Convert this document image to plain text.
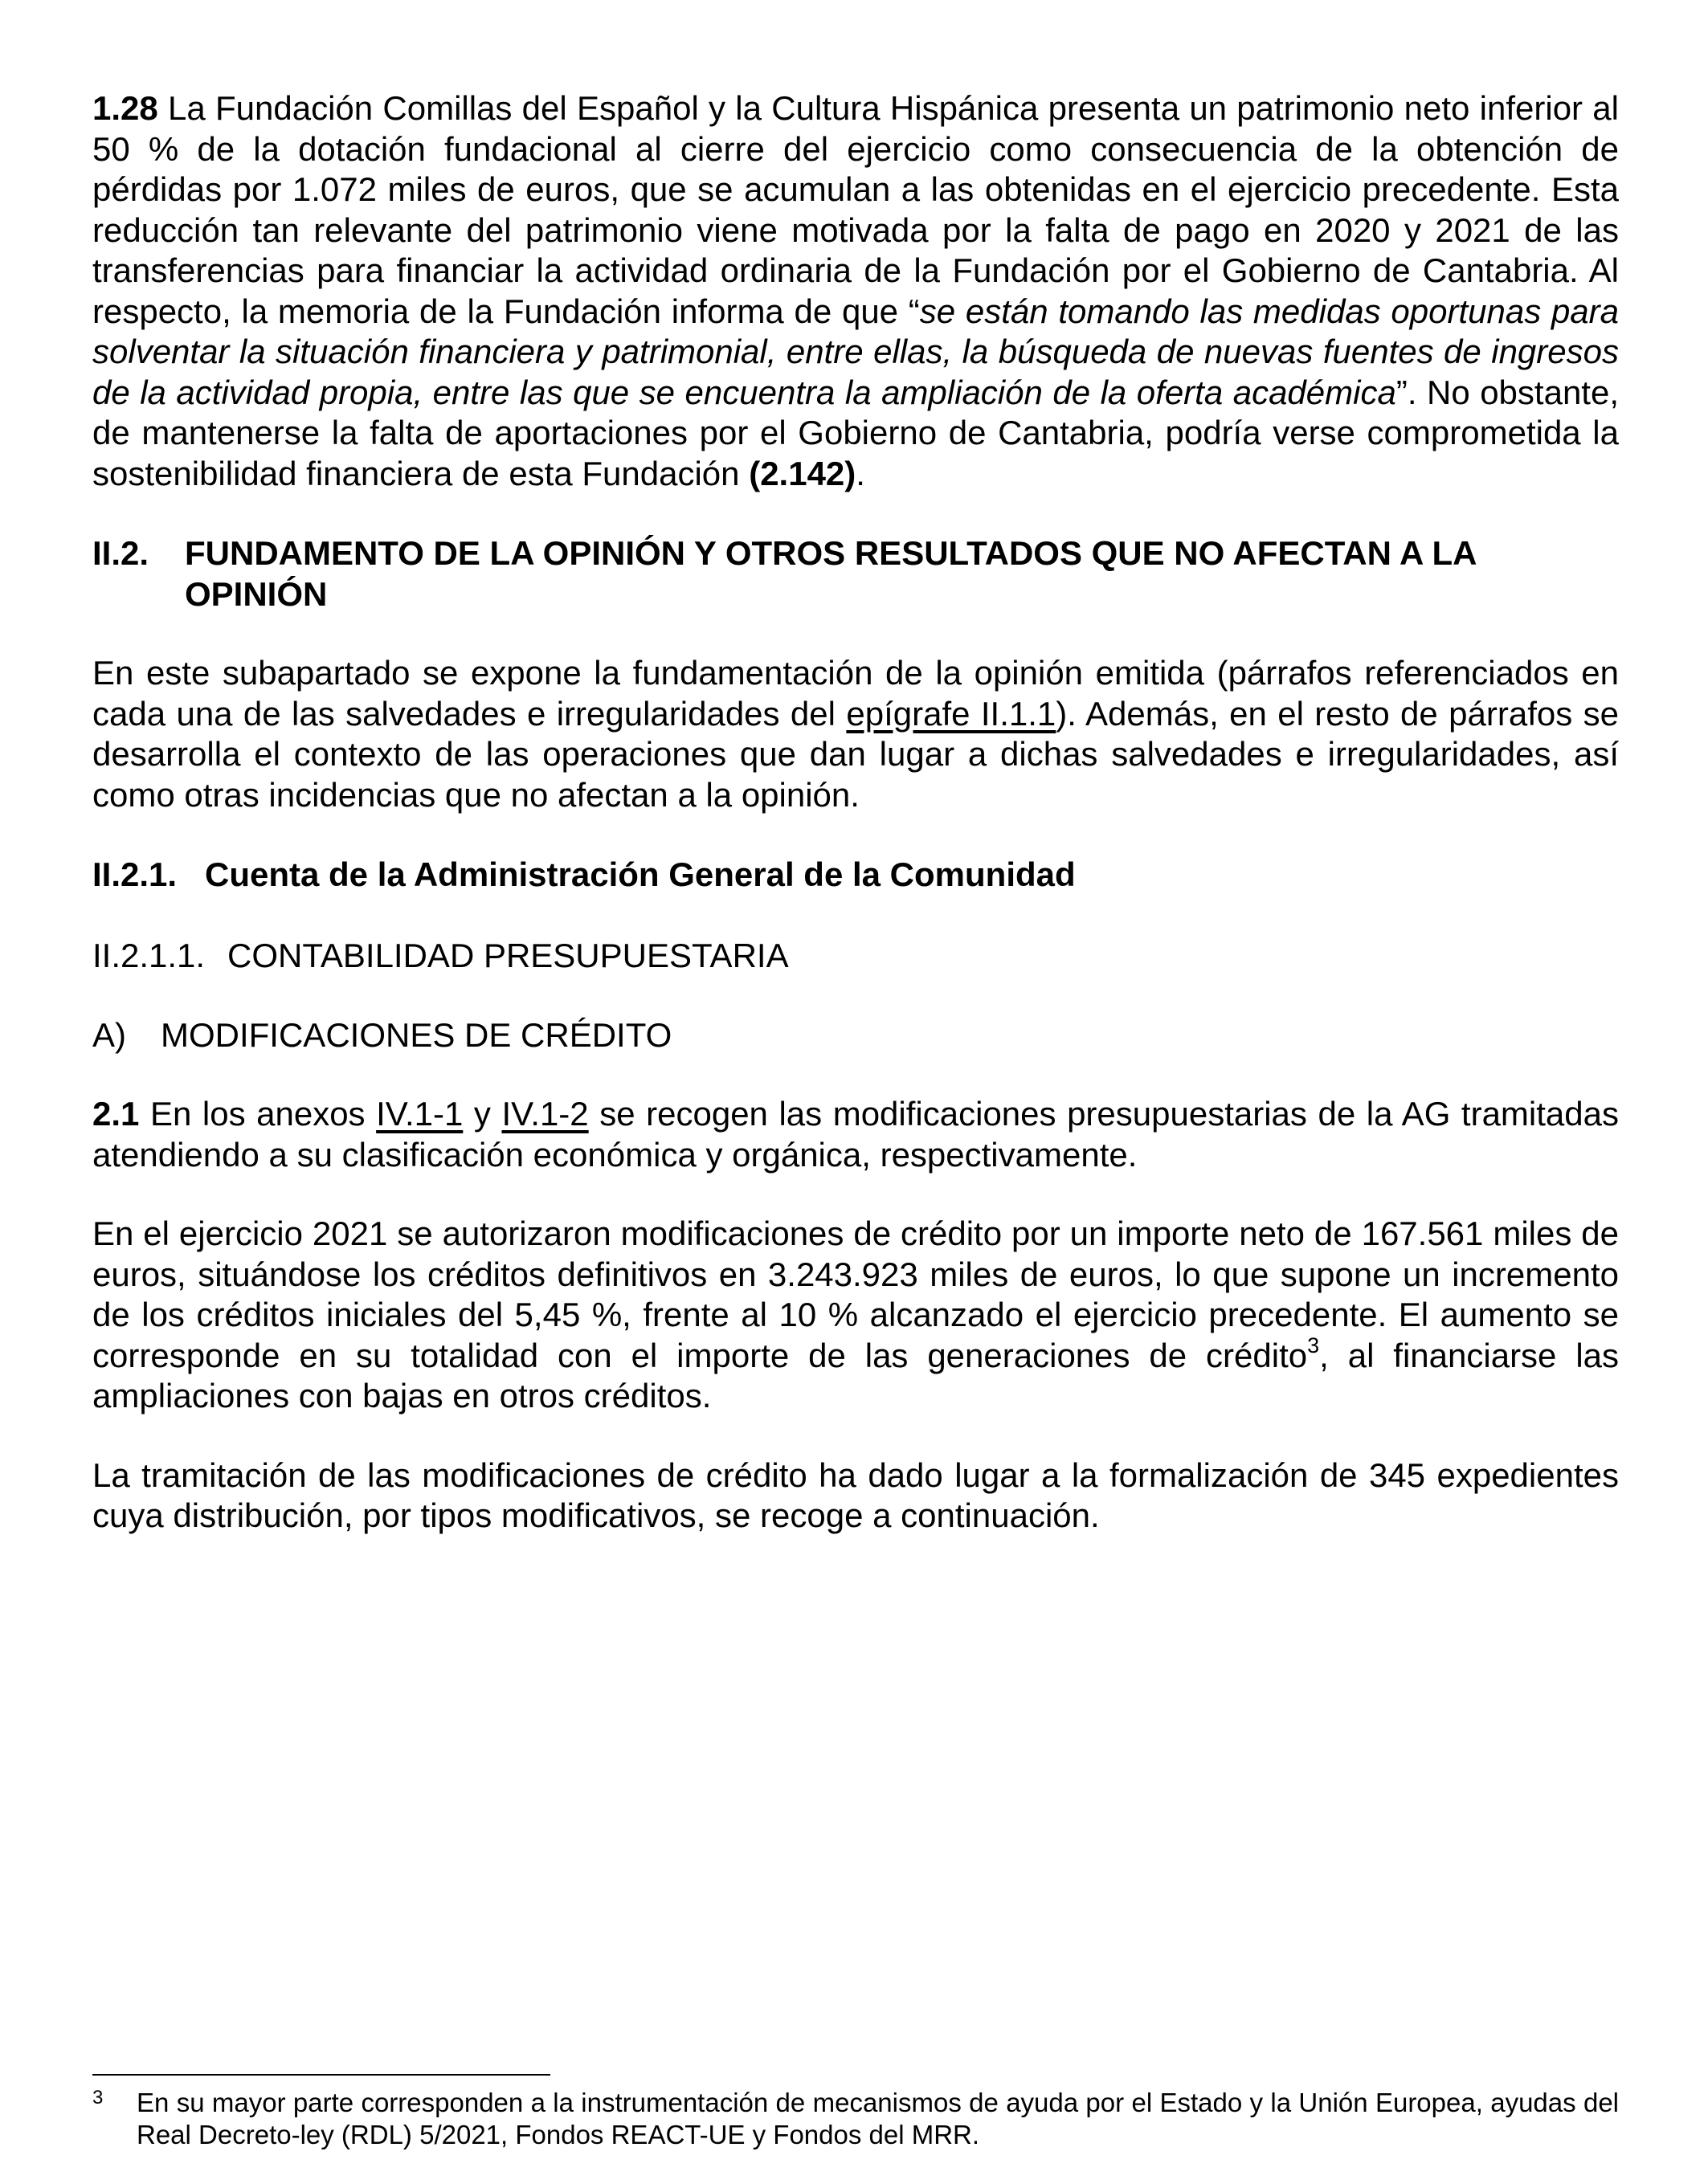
1.28 La Fundación Comillas del Español y la Cultura Hispánica presenta un patrimonio neto inferior al 50 % de la dotación fundacional al cierre del ejercicio como consecuencia de la obtención de pérdidas por 1.072 miles de euros, que se acumulan a las obtenidas en el ejercicio precedente. Esta reducción tan relevante del patrimonio viene motivada por la falta de pago en 2020 y 2021 de las transferencias para financiar la actividad ordinaria de la Fundación por el Gobierno de Cantabria. Al respecto, la memoria de la Fundación informa de que “se están tomando las medidas oportunas para solventar la situación financiera y patrimonial, entre ellas, la búsqueda de nuevas fuentes de ingresos de la actividad propia, entre las que se encuentra la ampliación de la oferta académica”. No obstante, de mantenerse la falta de aportaciones por el Gobierno de Cantabria, podría verse comprometida la sostenibilidad financiera de esta Fundación (2.142).

II.2.	FUNDAMENTO DE LA OPINIÓN Y OTROS RESULTADOS QUE NO AFECTAN A LA OPINIÓN

En este subapartado se expone la fundamentación de la opinión emitida (párrafos referenciados en cada una de las salvedades e irregularidades del epígrafe II.1.1). Además, en el resto de párrafos se desarrolla el contexto de las operaciones que dan lugar a dichas salvedades e irregularidades, así como otras incidencias que no afectan a la opinión.

II.2.1. Cuenta de la Administración General de la Comunidad
II.2.1.1. CONTABILIDAD PRESUPUESTARIA
A) MODIFICACIONES DE CRÉDITO

2.1 En los anexos IV.1-1 y IV.1-2 se recogen las modificaciones presupuestarias de la AG tramitadas atendiendo a su clasificación económica y orgánica, respectivamente.

En el ejercicio 2021 se autorizaron modificaciones de crédito por un importe neto de 167.561 miles de euros, situándose los créditos definitivos en 3.243.923 miles de euros, lo que supone un incremento de los créditos iniciales del 5,45 %, frente al 10 % alcanzado el ejercicio precedente. El aumento se corresponde en su totalidad con el importe de las generaciones de crédito$^3$, al financiarse las ampliaciones con bajas en otros créditos.

La tramitación de las modificaciones de crédito ha dado lugar a la formalización de 345 expedientes cuya distribución, por tipos modificativos, se recoge a continuación.

3	En su mayor parte corresponden a la instrumentación de mecanismos de ayuda por el Estado y la Unión Europea, ayudas del Real Decreto-ley (RDL) 5/2021, Fondos REACT-UE y Fondos del MRR.
